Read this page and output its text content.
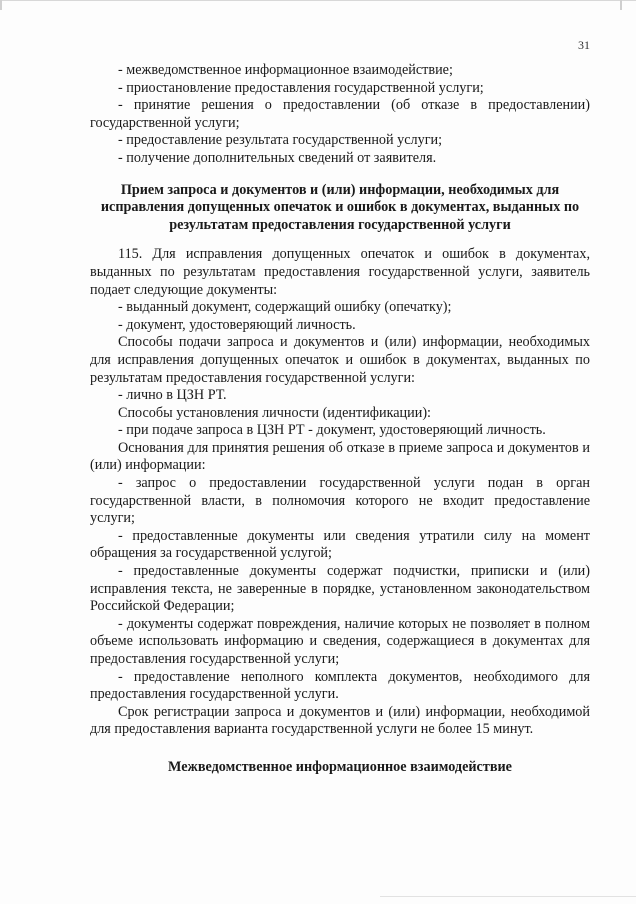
31

- межведомственное информационное взаимодействие;

- приостановление предоставления государственной услуги;

- принятие решения о предоставлении (об отказе в предоставлении) государственной услуги;

- предоставление результата государственной услуги;

- получение дополнительных сведений от заявителя.

Прием запроса и документов и (или) информации, необходимых для исправления допущенных опечаток и ошибок в документах, выданных по результатам предоставления государственной услуги

115. Для исправления допущенных опечаток и ошибок в документах, выданных по результатам предоставления государственной услуги, заявитель подает следующие документы:

- выданный документ, содержащий ошибку (опечатку);

- документ, удостоверяющий личность.

Способы подачи запроса и документов и (или) информации, необходимых для исправления допущенных опечаток и ошибок в документах, выданных по результатам предоставления государственной услуги:

- лично в ЦЗН РТ.

Способы установления личности (идентификации):

- при подаче запроса в ЦЗН РТ - документ, удостоверяющий личность.

Основания для принятия решения об отказе в приеме запроса и документов и (или) информации:

- запрос о предоставлении государственной услуги подан в орган государственной власти, в полномочия которого не входит предоставление услуги;

- предоставленные документы или сведения утратили силу на момент обращения за государственной услугой;

- предоставленные документы содержат подчистки, приписки и (или) исправления текста, не заверенные в порядке, установленном законодательством Российской Федерации;

- документы содержат повреждения, наличие которых не позволяет в полном объеме использовать информацию и сведения, содержащиеся в документах для предоставления государственной услуги;

- предоставление неполного комплекта документов, необходимого для предоставления государственной услуги.

Срок регистрации запроса и документов и (или) информации, необходимой для предоставления варианта государственной услуги не более 15 минут.

Межведомственное информационное взаимодействие
